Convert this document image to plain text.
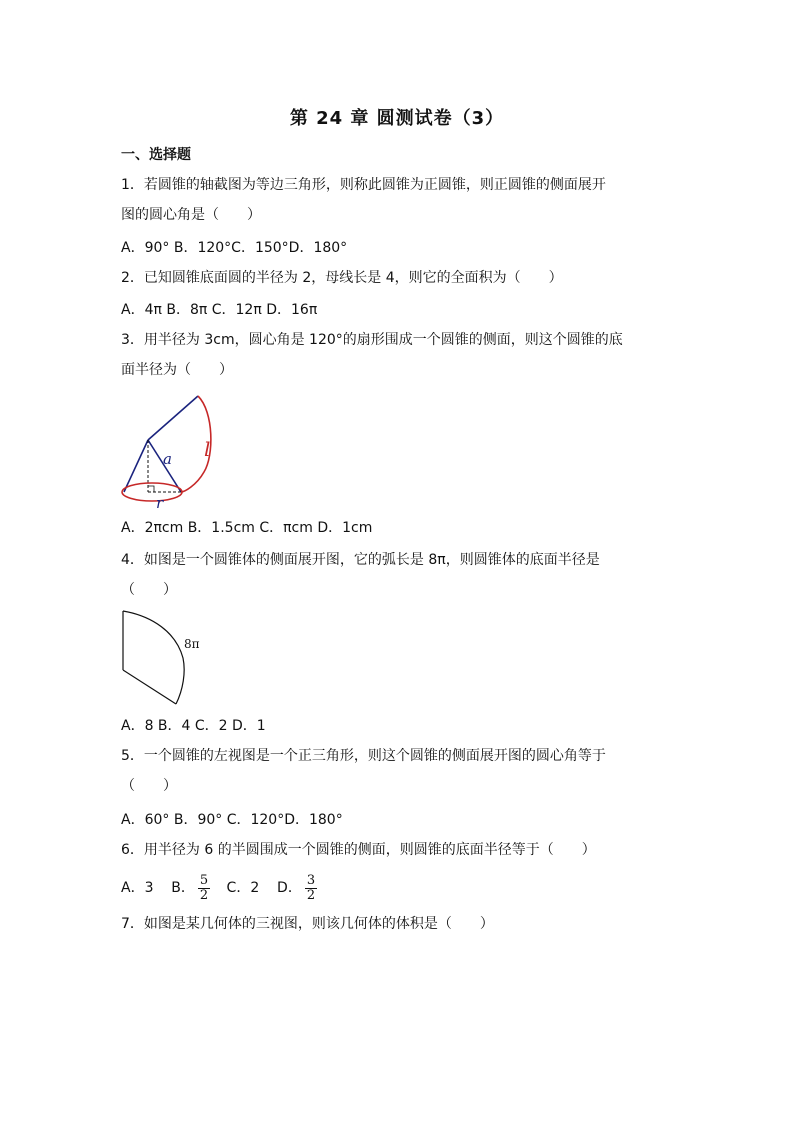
第 24 章 圆测试卷（3）
一、选择题
1．若圆锥的轴截图为等边三角形，则称此圆锥为正圆锥，则正圆锥的侧面展开
图的圆心角是（　　）
A．90° B．120°C．150°D．180°
2．已知圆锥底面圆的半径为 2，母线长是 4，则它的全面积为（　　）
A．4π B．8π C．12π D．16π
3．用半径为 3cm，圆心角是 120°的扇形围成一个圆锥的侧面，则这个圆锥的底
面半径为（　　）
a l
r
A．2πcm B．1.5cm C．πcm D．1cm
4．如图是一个圆锥体的侧面展开图，它的弧长是 8π，则圆锥体的底面半径是
（　　）
8π
A．8 B．4 C．2 D．1
5．一个圆锥的左视图是一个正三角形，则这个圆锥的侧面展开图的圆心角等于
（　　）
A．60° B．90° C．120°D．180°
6．用半径为 6 的半圆围成一个圆锥的侧面，则圆锥的底面半径等于（　　）
A．3 B． $\frac{5}{2}$ C．2 D． $\frac{3}{2}$
7．如图是某几何体的三视图，则该几何体的体积是（　　）
